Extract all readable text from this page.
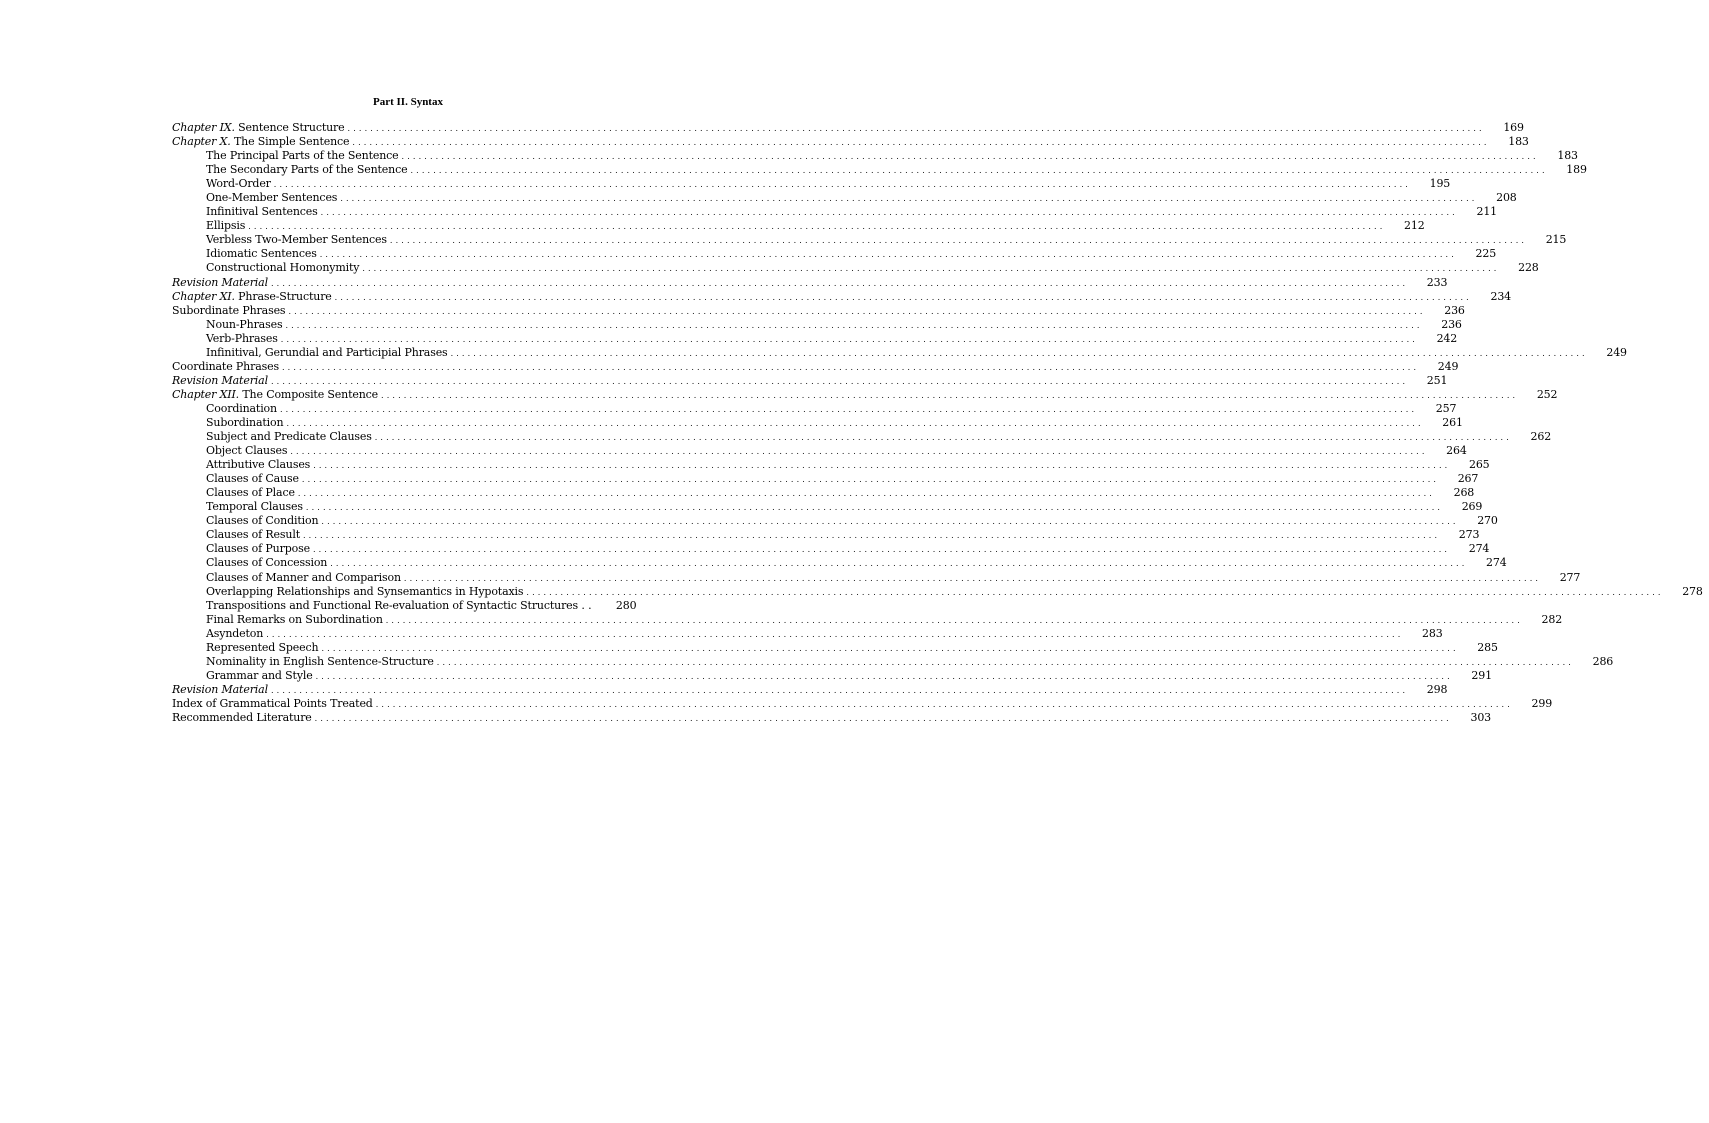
Part II. Syntax
Chapter IX. Sentence Structure . . . . . . . . . . . . . . . . . . . . . . . . . . . . . . . . . . . . . . . . . . . . . . . . . . . . . . . . . . . . . . . . . . . . . . . . . . . . . . . . . . . . . . . . . . . . . . . . . . . . . . . . . . . . . . . . . . . . . . . . . . . . . . . . . . . . . . . . . . . . . . . . . . . . . . . . . . . . . . . . . . . . . . . . . . . . . . . . . . . . . . . . . . . . . . . . . . . . . . . .	169
Chapter X. The Simple Sentence . . . . . . . . . . . . . . . . . . . . . . . . . . . . . . . . . . . . . . . . . . . . . . . . . . . . . . . . . . . . . . . . . . . . . . . . . . . . . . . . . . . . . . . . . . . . . . . . . . . . . . . . . . . . . . . . . . . . . . . . . . . . . . . . . . . . . . . . . . . . . . . . . . . . . . . . . . . . . . . . . . . . . . . . . . . . . . . . . . . . . . . . . . . . . . . . . . . . . . . .	183
The Principal Parts of the Sentence . . . . . . . . . . . . . . . . . . . . . . . . . . . . . . . . . . . . . . . . . . . . . . . . . . . . . . . . . . . . . . . . . . . . . . . . . . . . . . . . . . . . . . . . . . . . . . . . . . . . . . . . . . . . . . . . . . . . . . . . . . . . . . . . . . . . . . . . . . . . . . . . . . . . . . . . . . . . . . . . . . . . . . . . . . . . . . . . . . . . . . . . . . . . . . . . . . . . . . . .	183
The Secondary Parts of the Sentence . . . . . . . . . . . . . . . . . . . . . . . . . . . . . . . . . . . . . . . . . . . . . . . . . . . . . . . . . . . . . . . . . . . . . . . . . . . . . . . . . . . . . . . . . . . . . . . . . . . . . . . . . . . . . . . . . . . . . . . . . . . . . . . . . . . . . . . . . . . . . . . . . . . . . . . . . . . . . . . . . . . . . . . . . . . . . . . . . . . . . . . . . . . . . . . . . . . . . . . .	189
Word-Order . . . . . . . . . . . . . . . . . . . . . . . . . . . . . . . . . . . . . . . . . . . . . . . . . . . . . . . . . . . . . . . . . . . . . . . . . . . . . . . . . . . . . . . . . . . . . . . . . . . . . . . . . . . . . . . . . . . . . . . . . . . . . . . . . . . . . . . . . . . . . . . . . . . . . . . . . . . . . . . . . . . . . . . . . . . . . . . . . . . . . . . . . . . . . . . . . . . . . . . .	195
One-Member Sentences . . . . . . . . . . . . . . . . . . . . . . . . . . . . . . . . . . . . . . . . . . . . . . . . . . . . . . . . . . . . . . . . . . . . . . . . . . . . . . . . . . . . . . . . . . . . . . . . . . . . . . . . . . . . . . . . . . . . . . . . . . . . . . . . . . . . . . . . . . . . . . . . . . . . . . . . . . . . . . . . . . . . . . . . . . . . . . . . . . . . . . . . . . . . . . . . . . . . . . . .	208
Infinitival Sentences . . . . . . . . . . . . . . . . . . . . . . . . . . . . . . . . . . . . . . . . . . . . . . . . . . . . . . . . . . . . . . . . . . . . . . . . . . . . . . . . . . . . . . . . . . . . . . . . . . . . . . . . . . . . . . . . . . . . . . . . . . . . . . . . . . . . . . . . . . . . . . . . . . . . . . . . . . . . . . . . . . . . . . . . . . . . . . . . . . . . . . . . . . . . . . . . . . . . . . . .	211
Ellipsis . . . . . . . . . . . . . . . . . . . . . . . . . . . . . . . . . . . . . . . . . . . . . . . . . . . . . . . . . . . . . . . . . . . . . . . . . . . . . . . . . . . . . . . . . . . . . . . . . . . . . . . . . . . . . . . . . . . . . . . . . . . . . . . . . . . . . . . . . . . . . . . . . . . . . . . . . . . . . . . . . . . . . . . . . . . . . . . . . . . . . . . . . . . . . . . . . . . . . . . .	212
Verbless Two-Member Sentences . . . . . . . . . . . . . . . . . . . . . . . . . . . . . . . . . . . . . . . . . . . . . . . . . . . . . . . . . . . . . . . . . . . . . . . . . . . . . . . . . . . . . . . . . . . . . . . . . . . . . . . . . . . . . . . . . . . . . . . . . . . . . . . . . . . . . . . . . . . . . . . . . . . . . . . . . . . . . . . . . . . . . . . . . . . . . . . . . . . . . . . . . . . . . . . . . . . . . . . .	215
Idiomatic Sentences . . . . . . . . . . . . . . . . . . . . . . . . . . . . . . . . . . . . . . . . . . . . . . . . . . . . . . . . . . . . . . . . . . . . . . . . . . . . . . . . . . . . . . . . . . . . . . . . . . . . . . . . . . . . . . . . . . . . . . . . . . . . . . . . . . . . . . . . . . . . . . . . . . . . . . . . . . . . . . . . . . . . . . . . . . . . . . . . . . . . . . . . . . . . . . . . . . . . . . . .	225
Constructional Homonymity . . . . . . . . . . . . . . . . . . . . . . . . . . . . . . . . . . . . . . . . . . . . . . . . . . . . . . . . . . . . . . . . . . . . . . . . . . . . . . . . . . . . . . . . . . . . . . . . . . . . . . . . . . . . . . . . . . . . . . . . . . . . . . . . . . . . . . . . . . . . . . . . . . . . . . . . . . . . . . . . . . . . . . . . . . . . . . . . . . . . . . . . . . . . . . . . . . . . . . . .	228
Revision Material . . . . . . . . . . . . . . . . . . . . . . . . . . . . . . . . . . . . . . . . . . . . . . . . . . . . . . . . . . . . . . . . . . . . . . . . . . . . . . . . . . . . . . . . . . . . . . . . . . . . . . . . . . . . . . . . . . . . . . . . . . . . . . . . . . . . . . . . . . . . . . . . . . . . . . . . . . . . . . . . . . . . . . . . . . . . . . . . . . . . . . . . . . . . . . . . . . . . . . . .	233
Chapter XI. Phrase-Structure . . . . . . . . . . . . . . . . . . . . . . . . . . . . . . . . . . . . . . . . . . . . . . . . . . . . . . . . . . . . . . . . . . . . . . . . . . . . . . . . . . . . . . . . . . . . . . . . . . . . . . . . . . . . . . . . . . . . . . . . . . . . . . . . . . . . . . . . . . . . . . . . . . . . . . . . . . . . . . . . . . . . . . . . . . . . . . . . . . . . . . . . . . . . . . . . . . . . . . . .	234
Subordinate Phrases . . . . . . . . . . . . . . . . . . . . . . . . . . . . . . . . . . . . . . . . . . . . . . . . . . . . . . . . . . . . . . . . . . . . . . . . . . . . . . . . . . . . . . . . . . . . . . . . . . . . . . . . . . . . . . . . . . . . . . . . . . . . . . . . . . . . . . . . . . . . . . . . . . . . . . . . . . . . . . . . . . . . . . . . . . . . . . . . . . . . . . . . . . . . . . . . . . . . . . . .	236
Noun-Phrases . . . . . . . . . . . . . . . . . . . . . . . . . . . . . . . . . . . . . . . . . . . . . . . . . . . . . . . . . . . . . . . . . . . . . . . . . . . . . . . . . . . . . . . . . . . . . . . . . . . . . . . . . . . . . . . . . . . . . . . . . . . . . . . . . . . . . . . . . . . . . . . . . . . . . . . . . . . . . . . . . . . . . . . . . . . . . . . . . . . . . . . . . . . . . . . . . . . . . . . .	236
Verb-Phrases . . . . . . . . . . . . . . . . . . . . . . . . . . . . . . . . . . . . . . . . . . . . . . . . . . . . . . . . . . . . . . . . . . . . . . . . . . . . . . . . . . . . . . . . . . . . . . . . . . . . . . . . . . . . . . . . . . . . . . . . . . . . . . . . . . . . . . . . . . . . . . . . . . . . . . . . . . . . . . . . . . . . . . . . . . . . . . . . . . . . . . . . . . . . . . . . . . . . . . . .	242
Infinitival, Gerundial and Participial Phrases . . . . . . . . . . . . . . . . . . . . . . . . . . . . . . . . . . . . . . . . . . . . . . . . . . . . . . . . . . . . . . . . . . . . . . . . . . . . . . . . . . . . . . . . . . . . . . . . . . . . . . . . . . . . . . . . . . . . . . . . . . . . . . . . . . . . . . . . . . . . . . . . . . . . . . . . . . . . . . . . . . . . . . . . . . . . . . . . . . . . . . . . . . . . . . . . . . . . . . . .	249
Coordinate Phrases . . . . . . . . . . . . . . . . . . . . . . . . . . . . . . . . . . . . . . . . . . . . . . . . . . . . . . . . . . . . . . . . . . . . . . . . . . . . . . . . . . . . . . . . . . . . . . . . . . . . . . . . . . . . . . . . . . . . . . . . . . . . . . . . . . . . . . . . . . . . . . . . . . . . . . . . . . . . . . . . . . . . . . . . . . . . . . . . . . . . . . . . . . . . . . . . . . . . . . . .	249
Revision Material . . . . . . . . . . . . . . . . . . . . . . . . . . . . . . . . . . . . . . . . . . . . . . . . . . . . . . . . . . . . . . . . . . . . . . . . . . . . . . . . . . . . . . . . . . . . . . . . . . . . . . . . . . . . . . . . . . . . . . . . . . . . . . . . . . . . . . . . . . . . . . . . . . . . . . . . . . . . . . . . . . . . . . . . . . . . . . . . . . . . . . . . . . . . . . . . . . . . . . . .	251
Chapter XII. The Composite Sentence . . . . . . . . . . . . . . . . . . . . . . . . . . . . . . . . . . . . . . . . . . . . . . . . . . . . . . . . . . . . . . . . . . . . . . . . . . . . . . . . . . . . . . . . . . . . . . . . . . . . . . . . . . . . . . . . . . . . . . . . . . . . . . . . . . . . . . . . . . . . . . . . . . . . . . . . . . . . . . . . . . . . . . . . . . . . . . . . . . . . . . . . . . . . . . . . . . . . . . . .	252
Coordination . . . . . . . . . . . . . . . . . . . . . . . . . . . . . . . . . . . . . . . . . . . . . . . . . . . . . . . . . . . . . . . . . . . . . . . . . . . . . . . . . . . . . . . . . . . . . . . . . . . . . . . . . . . . . . . . . . . . . . . . . . . . . . . . . . . . . . . . . . . . . . . . . . . . . . . . . . . . . . . . . . . . . . . . . . . . . . . . . . . . . . . . . . . . . . . . . . . . . . . .	257
Subordination . . . . . . . . . . . . . . . . . . . . . . . . . . . . . . . . . . . . . . . . . . . . . . . . . . . . . . . . . . . . . . . . . . . . . . . . . . . . . . . . . . . . . . . . . . . . . . . . . . . . . . . . . . . . . . . . . . . . . . . . . . . . . . . . . . . . . . . . . . . . . . . . . . . . . . . . . . . . . . . . . . . . . . . . . . . . . . . . . . . . . . . . . . . . . . . . . . . . . . . .	261
Subject and Predicate Clauses . . . . . . . . . . . . . . . . . . . . . . . . . . . . . . . . . . . . . . . . . . . . . . . . . . . . . . . . . . . . . . . . . . . . . . . . . . . . . . . . . . . . . . . . . . . . . . . . . . . . . . . . . . . . . . . . . . . . . . . . . . . . . . . . . . . . . . . . . . . . . . . . . . . . . . . . . . . . . . . . . . . . . . . . . . . . . . . . . . . . . . . . . . . . . . . . . . . . . . . .	262
Object Clauses . . . . . . . . . . . . . . . . . . . . . . . . . . . . . . . . . . . . . . . . . . . . . . . . . . . . . . . . . . . . . . . . . . . . . . . . . . . . . . . . . . . . . . . . . . . . . . . . . . . . . . . . . . . . . . . . . . . . . . . . . . . . . . . . . . . . . . . . . . . . . . . . . . . . . . . . . . . . . . . . . . . . . . . . . . . . . . . . . . . . . . . . . . . . . . . . . . . . . . . .	264
Attributive Clauses . . . . . . . . . . . . . . . . . . . . . . . . . . . . . . . . . . . . . . . . . . . . . . . . . . . . . . . . . . . . . . . . . . . . . . . . . . . . . . . . . . . . . . . . . . . . . . . . . . . . . . . . . . . . . . . . . . . . . . . . . . . . . . . . . . . . . . . . . . . . . . . . . . . . . . . . . . . . . . . . . . . . . . . . . . . . . . . . . . . . . . . . . . . . . . . . . . . . . . . .	265
Clauses of Cause . . . . . . . . . . . . . . . . . . . . . . . . . . . . . . . . . . . . . . . . . . . . . . . . . . . . . . . . . . . . . . . . . . . . . . . . . . . . . . . . . . . . . . . . . . . . . . . . . . . . . . . . . . . . . . . . . . . . . . . . . . . . . . . . . . . . . . . . . . . . . . . . . . . . . . . . . . . . . . . . . . . . . . . . . . . . . . . . . . . . . . . . . . . . . . . . . . . . . . . .	267
Clauses of Place . . . . . . . . . . . . . . . . . . . . . . . . . . . . . . . . . . . . . . . . . . . . . . . . . . . . . . . . . . . . . . . . . . . . . . . . . . . . . . . . . . . . . . . . . . . . . . . . . . . . . . . . . . . . . . . . . . . . . . . . . . . . . . . . . . . . . . . . . . . . . . . . . . . . . . . . . . . . . . . . . . . . . . . . . . . . . . . . . . . . . . . . . . . . . . . . . . . . . . . .	268
Temporal Clauses . . . . . . . . . . . . . . . . . . . . . . . . . . . . . . . . . . . . . . . . . . . . . . . . . . . . . . . . . . . . . . . . . . . . . . . . . . . . . . . . . . . . . . . . . . . . . . . . . . . . . . . . . . . . . . . . . . . . . . . . . . . . . . . . . . . . . . . . . . . . . . . . . . . . . . . . . . . . . . . . . . . . . . . . . . . . . . . . . . . . . . . . . . . . . . . . . . . . . . . .	269
Clauses of Condition . . . . . . . . . . . . . . . . . . . . . . . . . . . . . . . . . . . . . . . . . . . . . . . . . . . . . . . . . . . . . . . . . . . . . . . . . . . . . . . . . . . . . . . . . . . . . . . . . . . . . . . . . . . . . . . . . . . . . . . . . . . . . . . . . . . . . . . . . . . . . . . . . . . . . . . . . . . . . . . . . . . . . . . . . . . . . . . . . . . . . . . . . . . . . . . . . . . . . . . .	270
Clauses of Result . . . . . . . . . . . . . . . . . . . . . . . . . . . . . . . . . . . . . . . . . . . . . . . . . . . . . . . . . . . . . . . . . . . . . . . . . . . . . . . . . . . . . . . . . . . . . . . . . . . . . . . . . . . . . . . . . . . . . . . . . . . . . . . . . . . . . . . . . . . . . . . . . . . . . . . . . . . . . . . . . . . . . . . . . . . . . . . . . . . . . . . . . . . . . . . . . . . . . . . .	273
Clauses of Purpose . . . . . . . . . . . . . . . . . . . . . . . . . . . . . . . . . . . . . . . . . . . . . . . . . . . . . . . . . . . . . . . . . . . . . . . . . . . . . . . . . . . . . . . . . . . . . . . . . . . . . . . . . . . . . . . . . . . . . . . . . . . . . . . . . . . . . . . . . . . . . . . . . . . . . . . . . . . . . . . . . . . . . . . . . . . . . . . . . . . . . . . . . . . . . . . . . . . . . . . .	274
Clauses of Concession . . . . . . . . . . . . . . . . . . . . . . . . . . . . . . . . . . . . . . . . . . . . . . . . . . . . . . . . . . . . . . . . . . . . . . . . . . . . . . . . . . . . . . . . . . . . . . . . . . . . . . . . . . . . . . . . . . . . . . . . . . . . . . . . . . . . . . . . . . . . . . . . . . . . . . . . . . . . . . . . . . . . . . . . . . . . . . . . . . . . . . . . . . . . . . . . . . . . . . . .	274
Clauses of Manner and Comparison . . . . . . . . . . . . . . . . . . . . . . . . . . . . . . . . . . . . . . . . . . . . . . . . . . . . . . . . . . . . . . . . . . . . . . . . . . . . . . . . . . . . . . . . . . . . . . . . . . . . . . . . . . . . . . . . . . . . . . . . . . . . . . . . . . . . . . . . . . . . . . . . . . . . . . . . . . . . . . . . . . . . . . . . . . . . . . . . . . . . . . . . . . . . . . . . . . . . . . . .	277
Overlapping Relationships and Synsemantics in Hypotaxis . . . . . . . . . . . . . . . . . . . . . . . . . . . . . . . . . . . . . . . . . . . . . . . . . . . . . . . . . . . . . . . . . . . . . . . . . . . . . . . . . . . . . . . . . . . . . . . . . . . . . . . . . . . . . . . . . . . . . . . . . . . . . . . . . . . . . . . . . . . . . . . . . . . . . . . . . . . . . . . . . . . . . . . . . . . . . . . . . . . . . . . . . . . . . . . . . . . . . . . .	278
Transpositions and Functional Re-evaluation of Syntactic Structures . .	280
Final Remarks on Subordination . . . . . . . . . . . . . . . . . . . . . . . . . . . . . . . . . . . . . . . . . . . . . . . . . . . . . . . . . . . . . . . . . . . . . . . . . . . . . . . . . . . . . . . . . . . . . . . . . . . . . . . . . . . . . . . . . . . . . . . . . . . . . . . . . . . . . . . . . . . . . . . . . . . . . . . . . . . . . . . . . . . . . . . . . . . . . . . . . . . . . . . . . . . . . . . . . . . . . . . .	282
Asyndeton . . . . . . . . . . . . . . . . . . . . . . . . . . . . . . . . . . . . . . . . . . . . . . . . . . . . . . . . . . . . . . . . . . . . . . . . . . . . . . . . . . . . . . . . . . . . . . . . . . . . . . . . . . . . . . . . . . . . . . . . . . . . . . . . . . . . . . . . . . . . . . . . . . . . . . . . . . . . . . . . . . . . . . . . . . . . . . . . . . . . . . . . . . . . . . . . . . . . . . . .	283
Represented Speech . . . . . . . . . . . . . . . . . . . . . . . . . . . . . . . . . . . . . . . . . . . . . . . . . . . . . . . . . . . . . . . . . . . . . . . . . . . . . . . . . . . . . . . . . . . . . . . . . . . . . . . . . . . . . . . . . . . . . . . . . . . . . . . . . . . . . . . . . . . . . . . . . . . . . . . . . . . . . . . . . . . . . . . . . . . . . . . . . . . . . . . . . . . . . . . . . . . . . . . .	285
Nominality in English Sentence-Structure . . . . . . . . . . . . . . . . . . . . . . . . . . . . . . . . . . . . . . . . . . . . . . . . . . . . . . . . . . . . . . . . . . . . . . . . . . . . . . . . . . . . . . . . . . . . . . . . . . . . . . . . . . . . . . . . . . . . . . . . . . . . . . . . . . . . . . . . . . . . . . . . . . . . . . . . . . . . . . . . . . . . . . . . . . . . . . . . . . . . . . . . . . . . . . . . . . . . . . . .	286
Grammar and Style . . . . . . . . . . . . . . . . . . . . . . . . . . . . . . . . . . . . . . . . . . . . . . . . . . . . . . . . . . . . . . . . . . . . . . . . . . . . . . . . . . . . . . . . . . . . . . . . . . . . . . . . . . . . . . . . . . . . . . . . . . . . . . . . . . . . . . . . . . . . . . . . . . . . . . . . . . . . . . . . . . . . . . . . . . . . . . . . . . . . . . . . . . . . . . . . . . . . . . . .	291
Revision Material . . . . . . . . . . . . . . . . . . . . . . . . . . . . . . . . . . . . . . . . . . . . . . . . . . . . . . . . . . . . . . . . . . . . . . . . . . . . . . . . . . . . . . . . . . . . . . . . . . . . . . . . . . . . . . . . . . . . . . . . . . . . . . . . . . . . . . . . . . . . . . . . . . . . . . . . . . . . . . . . . . . . . . . . . . . . . . . . . . . . . . . . . . . . . . . . . . . . . . . .	298
Index of Grammatical Points Treated . . . . . . . . . . . . . . . . . . . . . . . . . . . . . . . . . . . . . . . . . . . . . . . . . . . . . . . . . . . . . . . . . . . . . . . . . . . . . . . . . . . . . . . . . . . . . . . . . . . . . . . . . . . . . . . . . . . . . . . . . . . . . . . . . . . . . . . . . . . . . . . . . . . . . . . . . . . . . . . . . . . . . . . . . . . . . . . . . . . . . . . . . . . . . . . . . . . . . . . .	299
Recommended Literature . . . . . . . . . . . . . . . . . . . . . . . . . . . . . . . . . . . . . . . . . . . . . . . . . . . . . . . . . . . . . . . . . . . . . . . . . . . . . . . . . . . . . . . . . . . . . . . . . . . . . . . . . . . . . . . . . . . . . . . . . . . . . . . . . . . . . . . . . . . . . . . . . . . . . . . . . . . . . . . . . . . . . . . . . . . . . . . . . . . . . . . . . . . . . . . . . . . . . . . .	303
